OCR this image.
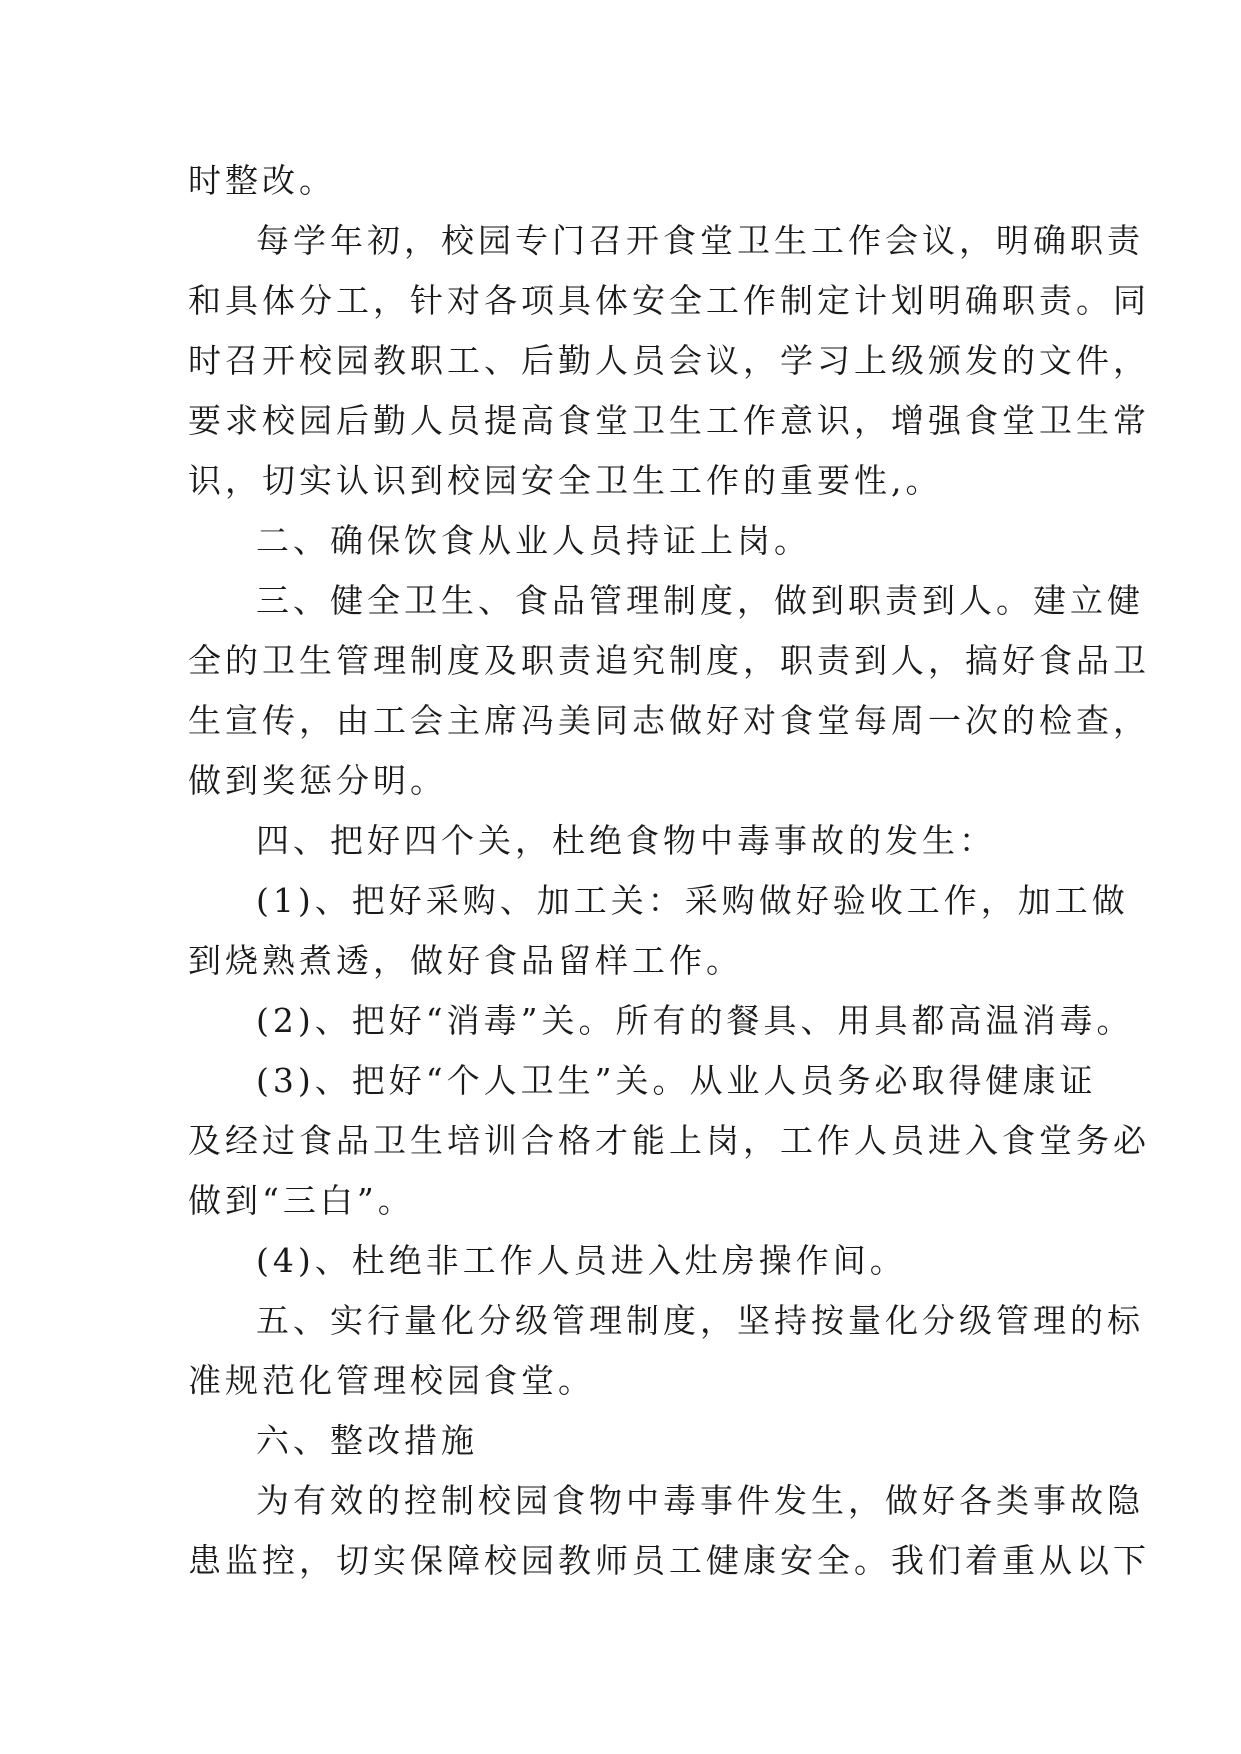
时整改。
每学年初，校园专门召开食堂卫生工作会议，明确职责
和具体分工，针对各项具体安全工作制定计划明确职责。同
时召开校园教职工、后勤人员会议，学习上级颁发的文件，
要求校园后勤人员提高食堂卫生工作意识，增强食堂卫生常
识，切实认识到校园安全卫生工作的重要性,。
二、确保饮食从业人员持证上岗。
三、健全卫生、食品管理制度，做到职责到人。建立健
全的卫生管理制度及职责追究制度，职责到人，搞好食品卫
生宣传，由工会主席冯美同志做好对食堂每周一次的检查，
做到奖惩分明。
四、把好四个关，杜绝食物中毒事故的发生：
(1)、把好采购、加工关：采购做好验收工作，加工做
到烧熟煮透，做好食品留样工作。
(2)、把好“消毒”关。所有的餐具、用具都高温消毒。
(3)、把好“个人卫生”关。从业人员务必取得健康证
及经过食品卫生培训合格才能上岗，工作人员进入食堂务必
做到“三白”。
(4)、杜绝非工作人员进入灶房操作间。
五、实行量化分级管理制度，坚持按量化分级管理的标
准规范化管理校园食堂。
六、整改措施
为有效的控制校园食物中毒事件发生，做好各类事故隐
患监控，切实保障校园教师员工健康安全。我们着重从以下
